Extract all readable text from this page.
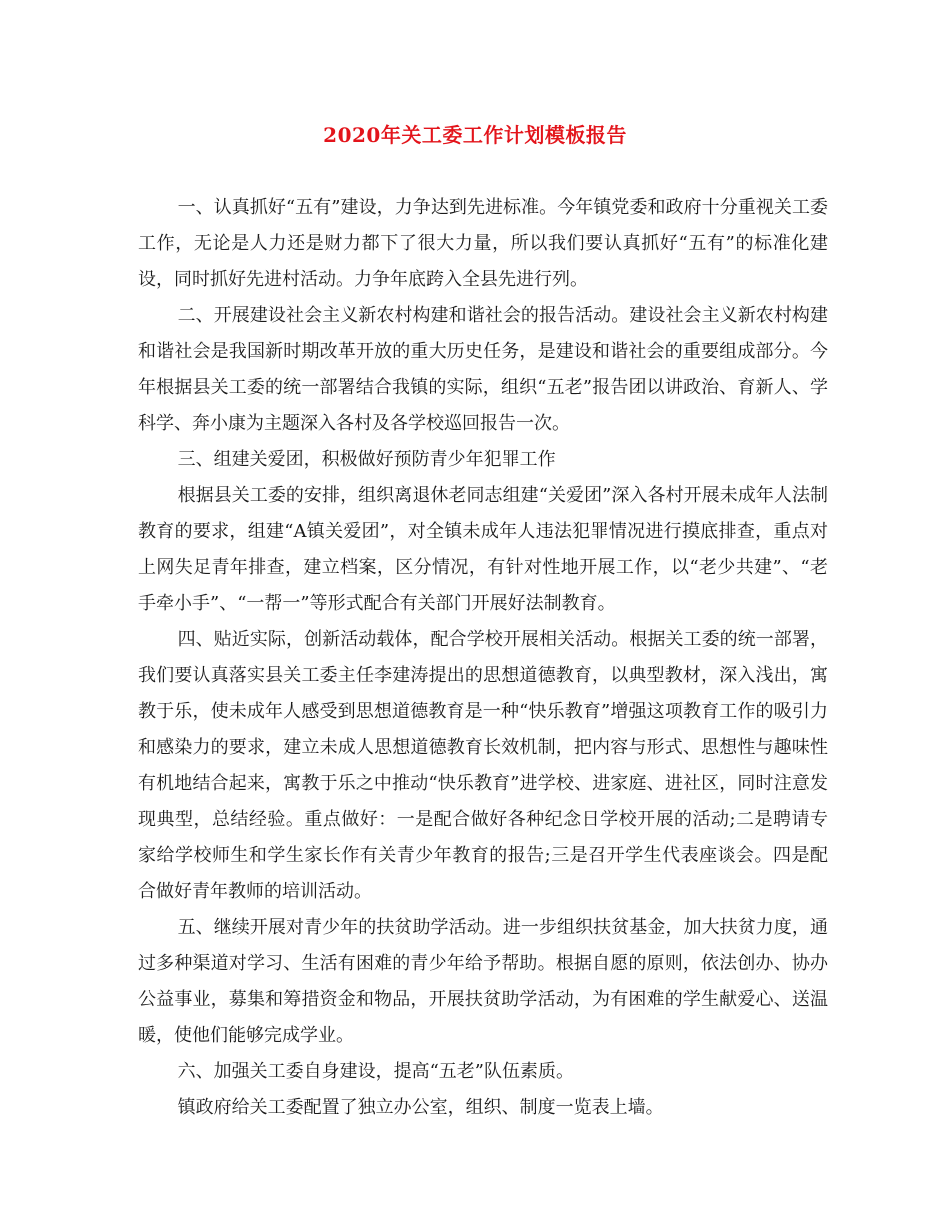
2020年关工委工作计划模板报告

一、认真抓好“五有”建设，力争达到先进标准。今年镇党委和政府十分重视关工委工作，无论是人力还是财力都下了很大力量，所以我们要认真抓好“五有”的标准化建设，同时抓好先进村活动。力争年底跨入全县先进行列。

二、开展建设社会主义新农村构建和谐社会的报告活动。建设社会主义新农村构建和谐社会是我国新时期改革开放的重大历史任务，是建设和谐社会的重要组成部分。今年根据县关工委的统一部署结合我镇的实际，组织“五老”报告团以讲政治、育新人、学科学、奔小康为主题深入各村及各学校巡回报告一次。

三、组建关爱团，积极做好预防青少年犯罪工作

根据县关工委的安排，组织离退休老同志组建“关爱团”深入各村开展未成年人法制教育的要求，组建“A镇关爱团”，对全镇未成年人违法犯罪情况进行摸底排查，重点对上网失足青年排查，建立档案，区分情况，有针对性地开展工作，以“老少共建”、“老手牵小手”、“一帮一”等形式配合有关部门开展好法制教育。

四、贴近实际，创新活动载体，配合学校开展相关活动。根据关工委的统一部署，我们要认真落实县关工委主任李建涛提出的思想道德教育，以典型教材，深入浅出，寓教于乐，使未成年人感受到思想道德教育是一种“快乐教育”增强这项教育工作的吸引力和感染力的要求，建立未成人思想道德教育长效机制，把内容与形式、思想性与趣味性有机地结合起来，寓教于乐之中推动“快乐教育”进学校、进家庭、进社区，同时注意发现典型，总结经验。重点做好：一是配合做好各种纪念日学校开展的活动;二是聘请专家给学校师生和学生家长作有关青少年教育的报告;三是召开学生代表座谈会。四是配合做好青年教师的培训活动。

五、继续开展对青少年的扶贫助学活动。进一步组织扶贫基金，加大扶贫力度，通过多种渠道对学习、生活有困难的青少年给予帮助。根据自愿的原则，依法创办、协办公益事业，募集和筹措资金和物品，开展扶贫助学活动，为有困难的学生献爱心、送温暖，使他们能够完成学业。

六、加强关工委自身建设，提高“五老”队伍素质。

镇政府给关工委配置了独立办公室，组织、制度一览表上墙。
